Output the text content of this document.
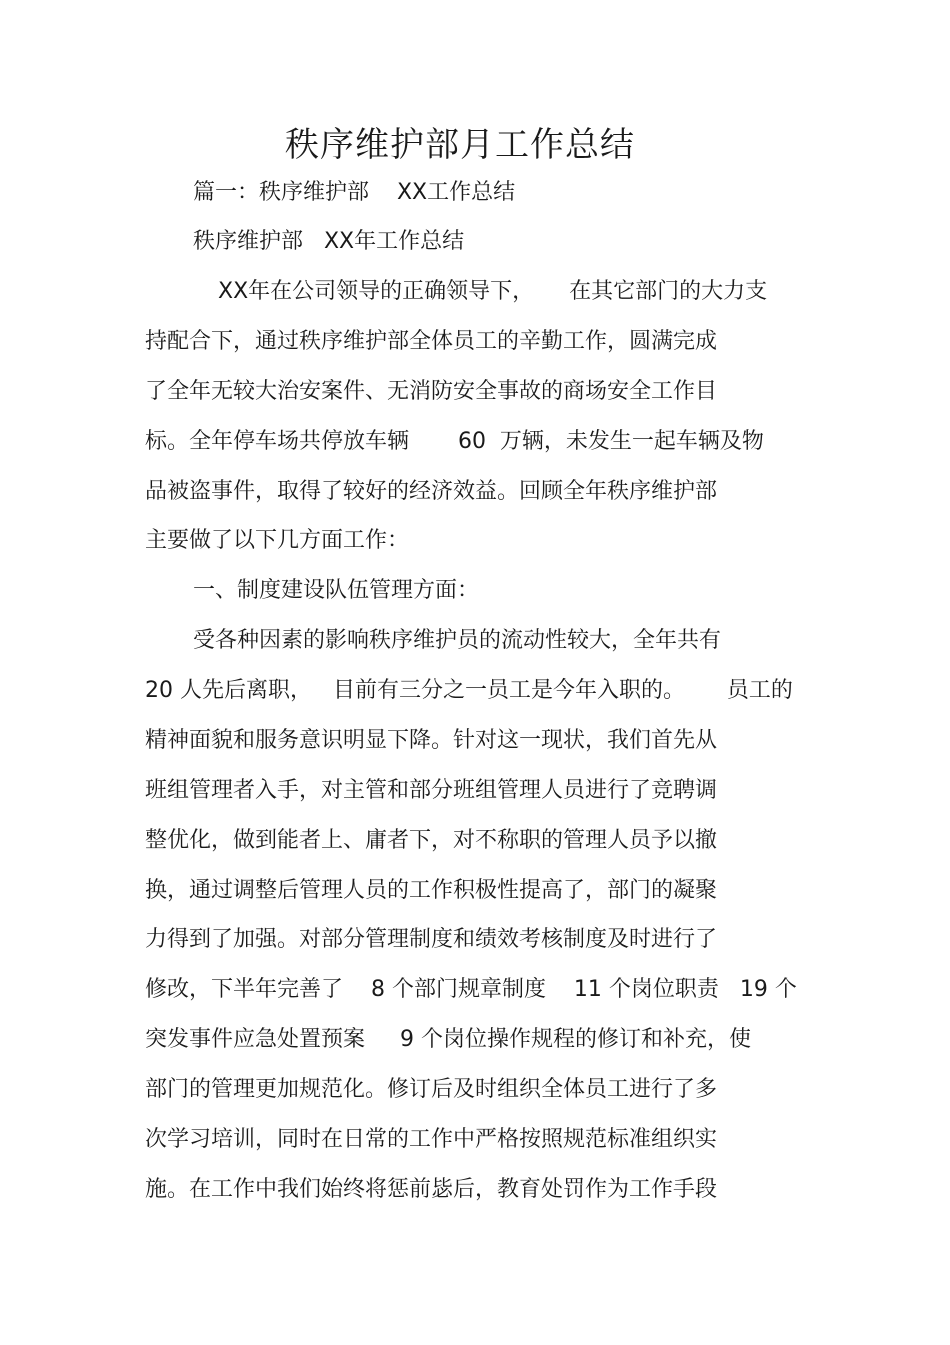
秩序维护部月工作总结
篇一：秩序维护部    XX工作总结
秩序维护部   XX年工作总结
XX年在公司领导的正确领导下，     在其它部门的大力支
持配合下，通过秩序维护部全体员工的辛勤工作，圆满完成
了全年无较大治安案件、无消防安全事故的商场安全工作目
标。全年停车场共停放车辆       60  万辆，未发生一起车辆及物
品被盗事件，取得了较好的经济效益。回顾全年秩序维护部
主要做了以下几方面工作：
一、制度建设队伍管理方面：
受各种因素的影响秩序维护员的流动性较大，全年共有
20 人先后离职，   目前有三分之一员工是今年入职的。      员工的
精神面貌和服务意识明显下降。针对这一现状，我们首先从
班组管理者入手，对主管和部分班组管理人员进行了竞聘调
整优化，做到能者上、庸者下，对不称职的管理人员予以撤
换，通过调整后管理人员的工作积极性提高了，部门的凝聚
力得到了加强。对部分管理制度和绩效考核制度及时进行了
修改，下半年完善了    8 个部门规章制度    11 个岗位职责   19 个
突发事件应急处置预案     9 个岗位操作规程的修订和补充，使
部门的管理更加规范化。修订后及时组织全体员工进行了多
次学习培训，同时在日常的工作中严格按照规范标准组织实
施。在工作中我们始终将惩前毖后，教育处罚作为工作手段
